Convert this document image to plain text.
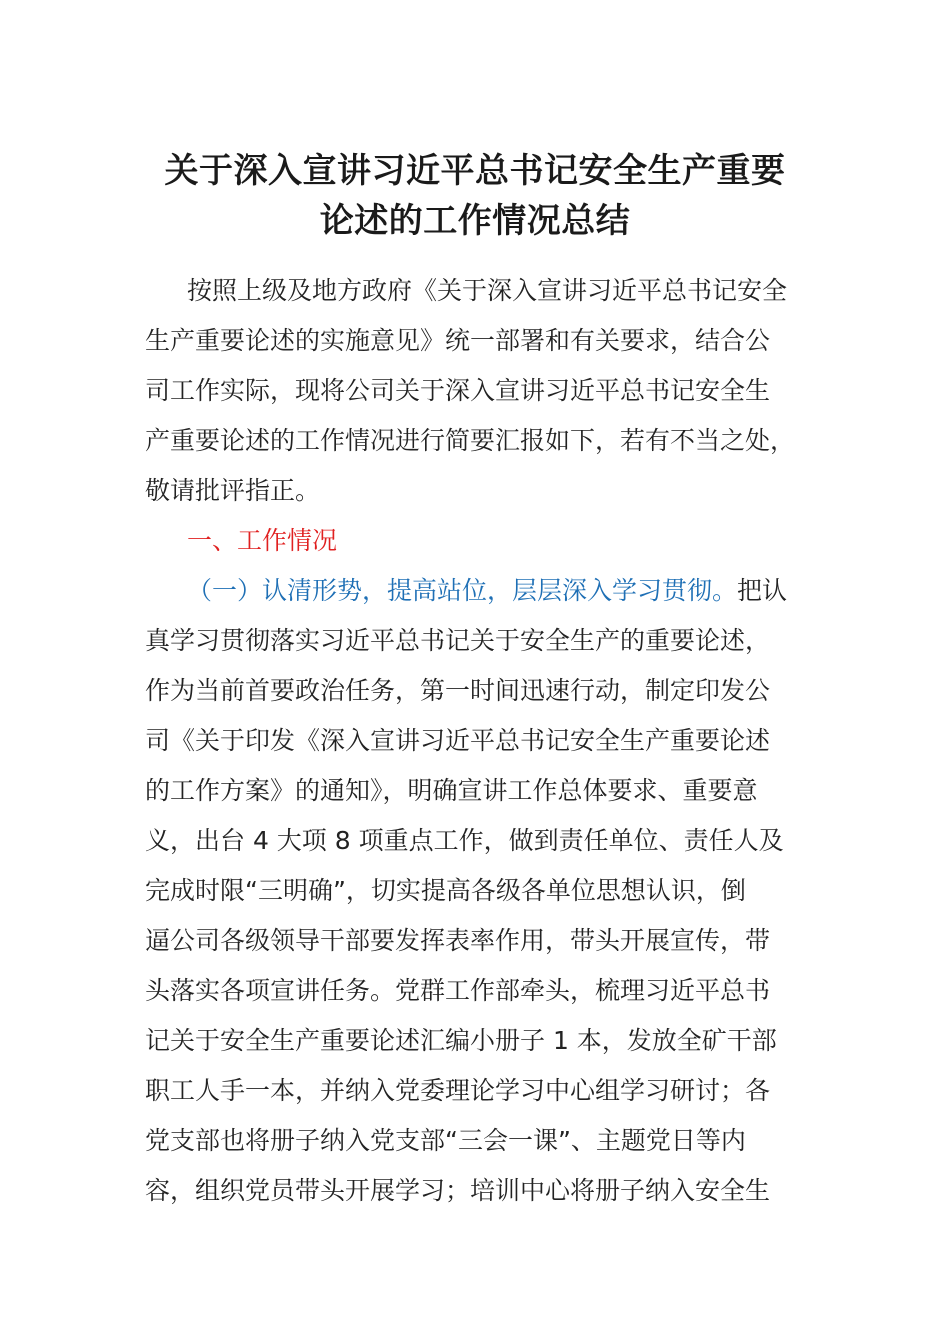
关于深入宣讲习近平总书记安全生产重要
论述的工作情况总结
按照上级及地方政府《关于深入宣讲习近平总书记安全
生产重要论述的实施意见》统一部署和有关要求，结合公
司工作实际，现将公司关于深入宣讲习近平总书记安全生
产重要论述的工作情况进行简要汇报如下，若有不当之处，
敬请批评指正。
一、工作情况
（一）认清形势，提高站位，层层深入学习贯彻。把认
真学习贯彻落实习近平总书记关于安全生产的重要论述，
作为当前首要政治任务，第一时间迅速行动，制定印发公
司《关于印发《深入宣讲习近平总书记安全生产重要论述
的工作方案》的通知》，明确宣讲工作总体要求、重要意
义，出台 4 大项 8 项重点工作，做到责任单位、责任人及
完成时限“三明确”，切实提高各级各单位思想认识，倒
逼公司各级领导干部要发挥表率作用，带头开展宣传，带
头落实各项宣讲任务。党群工作部牵头，梳理习近平总书
记关于安全生产重要论述汇编小册子 1 本，发放全矿干部
职工人手一本，并纳入党委理论学习中心组学习研讨；各
党支部也将册子纳入党支部“三会一课”、主题党日等内
容，组织党员带头开展学习；培训中心将册子纳入安全生
